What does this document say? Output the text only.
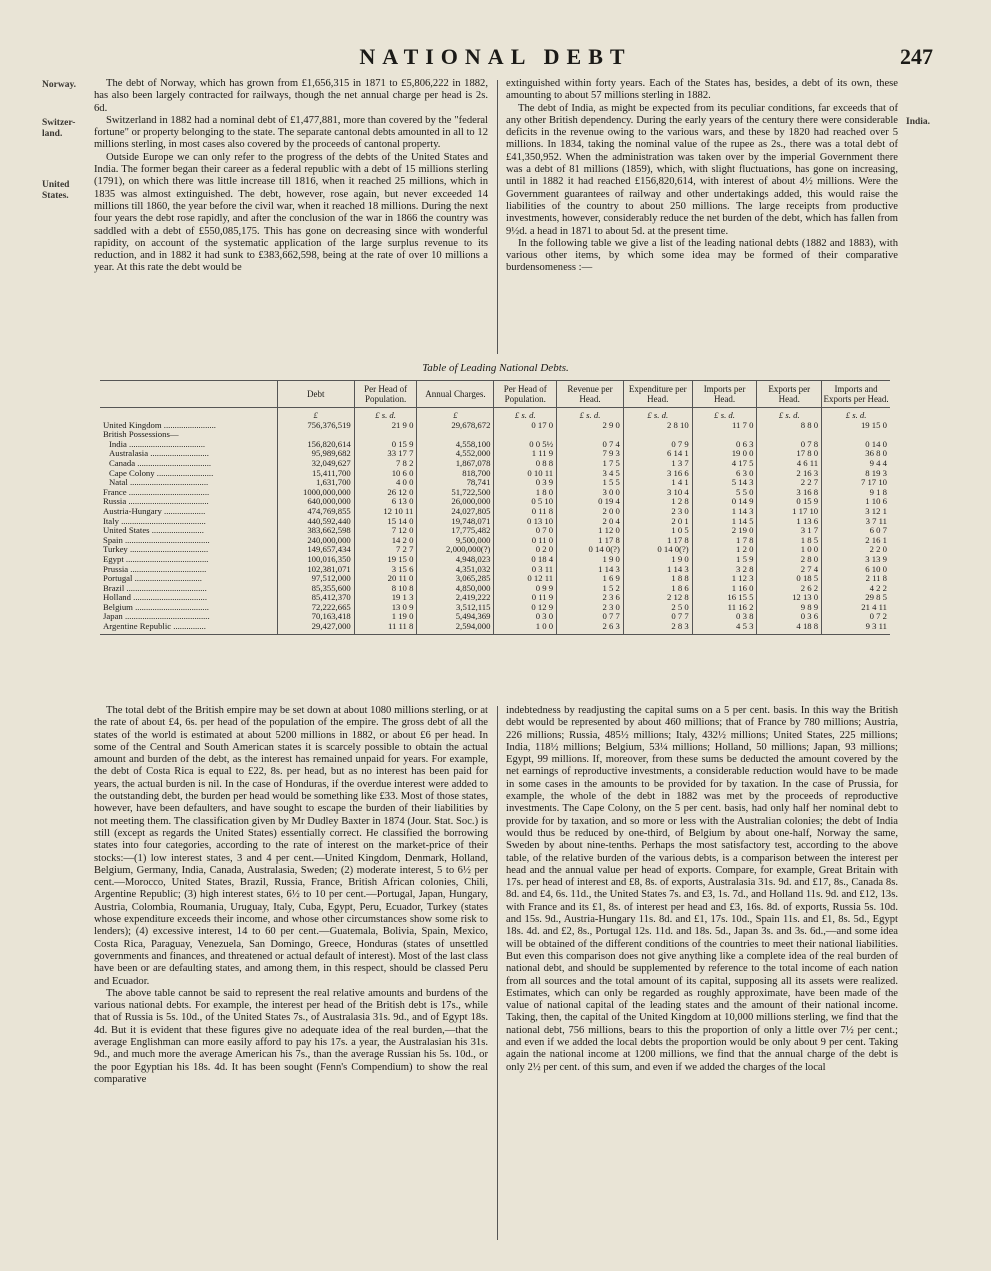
NATIONAL DEBT	247
Norway.
Switzer-land.
United States.

The debt of Norway, which has grown from £1,656,315 in 1871 to £5,806,222 in 1882, has also been largely contracted for railways, though the net annual charge per head is 2s. 6d.

Switzerland in 1882 had a nominal debt of £1,477,881, more than covered by the "federal fortune" or property belonging to the state. The separate cantonal debts amounted in all to 12 millions sterling, in most cases also covered by the proceeds of cantonal property.

Outside Europe we can only refer to the progress of the debts of the United States and India. The former began their career as a federal republic with a debt of 15 millions sterling (1791), on which there was little increase till 1816, when it reached 25 millions, which in 1835 was almost extinguished. The debt, however, rose again, but never exceeded 14 millions till 1860, the year before the civil war, when it reached 18 millions. During the next four years the debt rose rapidly, and after the conclusion of the war in 1866 the country was saddled with a debt of £550,085,175. This has gone on decreasing since with wonderful rapidity, on account of the systematic application of the large surplus revenue to its reduction, and in 1882 it had sunk to £383,662,598, being at the rate of over 10 millions a year. At this rate the debt would be

extinguished within forty years. Each of the States has, besides, a debt of its own, these amounting to about 57 millions sterling in 1882.

The debt of India, as might be expected from its peculiar conditions, far exceeds that of any other British dependency. During the early years of the century there were considerable deficits in the revenue owing to the various wars, and these by 1820 had reached over 5 millions. In 1834, taking the nominal value of the rupee as 2s., there was a total debt of £41,350,952. When the administration was taken over by the imperial Government there was a debt of 81 millions (1859), which, with slight fluctuations, has gone on increasing, until in 1882 it had reached £156,820,614, with interest of about 4½ millions. Were the Government guarantees of railway and other undertakings added, this would raise the liabilities of the country to about 250 millions. The large receipts from productive investments, however, considerably reduce the net burden of the debt, which has fallen from 9½d. a head in 1871 to about 5d. at the present time.

In the following table we give a list of the leading national debts (1882 and 1883), with various other items, by which some idea may be formed of their comparative burdensomeness :—

India.
Table of Leading National Debts.
	Debt	Per Head of Population.	Annual Charges.	Per Head of Population.	Revenue per Head.	Expenditure per Head.	Imports per Head.	Exports per Head.	Imports and Exports per Head.
	£	£ s. d.	£	£ s. d.	£ s. d.	£ s. d.	£ s. d.	£ s. d.	£ s. d.
United Kingdom ........................	756,376,519	21 9 0	29,678,672	0 17 0	2 9 0	2 8 10	11 7 0	8 8 0	19 15 0
British Possessions—									
India ...................................	156,820,614	0 15 9	4,558,100	0 0 5½	0 7 4	0 7 9	0 6 3	0 7 8	0 14 0
Australasia ...........................	95,989,682	33 17 7	4,552,000	1 11 9	7 9 3	6 14 1	19 0 0	17 8 0	36 8 0
Canada ..................................	32,049,627	7 8 2	1,867,078	0 8 8	1 7 5	1 3 7	4 17 5	4 6 11	9 4 4
Cape Colony ..........................	15,411,700	10 6 0	818,700	0 10 11	3 4 5	3 16 6	6 3 0	2 16 3	8 19 3
Natal ....................................	1,631,700	4 0 0	78,741	0 3 9	1 5 5	1 4 1	5 14 3	2 2 7	7 17 10
France .....................................	1000,000,000	26 12 0	51,722,500	1 8 0	3 0 0	3 10 4	5 5 0	3 16 8	9 1 8
Russia .....................................	640,000,000	6 13 0	26,000,000	0 5 10	0 19 4	1 2 8	0 14 9	0 15 9	1 10 6
Austria-Hungary ...................	474,769,855	12 10 11	24,027,805	0 11 8	2 0 0	2 3 0	1 14 3	1 17 10	3 12 1
Italy .......................................	440,592,440	15 14 0	19,748,071	0 13 10	2 0 4	2 0 1	1 14 5	1 13 6	3 7 11
United States ........................	383,662,598	7 12 0	17,775,482	0 7 0	1 12 0	1 0 5	2 19 0	3 1 7	6 0 7
Spain .......................................	240,000,000	14 2 0	9,500,000	0 11 0	1 17 8	1 17 8	1 7 8	1 8 5	2 16 1
Turkey ....................................	149,657,434	7 2 7	2,000,000(?)	0 2 0	0 14 0(?)	0 14 0(?)	1 2 0	1 0 0	2 2 0
Egypt ......................................	100,016,350	19 15 0	4,948,023	0 18 4	1 9 0	1 9 0	1 5 9	2 8 0	3 13 9
Prussia ...................................	102,381,071	3 15 6	4,351,032	0 3 11	1 14 3	1 14 3	3 2 8	2 7 4	6 10 0
Portugal ...............................	97,512,000	20 11 0	3,065,285	0 12 11	1 6 9	1 8 8	1 12 3	0 18 5	2 11 8
Brazil .....................................	85,355,600	8 10 8	4,850,000	0 9 9	1 5 2	1 8 6	1 16 0	2 6 2	4 2 2
Holland ..................................	85,412,370	19 1 3	2,419,222	0 11 9	2 3 6	2 12 8	16 15 5	12 13 0	29 8 5
Belgium ..................................	72,222,665	13 0 9	3,512,115	0 12 9	2 3 0	2 5 0	11 16 2	9 8 9	21 4 11
Japan .......................................	70,163,418	1 19 0	5,494,369	0 3 0	0 7 7	0 7 7	0 3 8	0 3 6	0 7 2
Argentine Republic ...............	29,427,000	11 11 8	2,594,000	1 0 0	2 6 3	2 8 3	4 5 3	4 18 8	9 3 11

The total debt of the British empire may be set down at about 1080 millions sterling, or at the rate of about £4, 6s. per head of the population of the empire. The gross debt of all the states of the world is estimated at about 5200 millions in 1882, or about £6 per head. In some of the Central and South American states it is scarcely possible to obtain the actual amount and burden of the debt, as the interest has remained unpaid for years. For example, the debt of Costa Rica is equal to £22, 8s. per head, but as no interest has been paid for years, the actual burden is nil. In the case of Honduras, if the overdue interest were added to the outstanding debt, the burden per head would be something like £33. Most of those states, however, have been defaulters, and have sought to escape the burden of their liabilities by not meeting them. The classification given by Mr Dudley Baxter in 1874 (Jour. Stat. Soc.) is still (except as regards the United States) essentially correct. He classified the borrowing states into four categories, according to the rate of interest on the market-price of their stocks:—(1) low interest states, 3 and 4 per cent.—United Kingdom, Denmark, Holland, Belgium, Germany, India, Canada, Australasia, Sweden; (2) moderate interest, 5 to 6½ per cent.—Morocco, United States, Brazil, Russia, France, British African colonies, Chili, Argentine Republic; (3) high interest states, 6½ to 10 per cent.—Portugal, Japan, Hungary, Austria, Colombia, Roumania, Uruguay, Italy, Cuba, Egypt, Peru, Ecuador, Turkey (states whose expenditure exceeds their income, and whose other circumstances show some risk to lenders); (4) excessive interest, 14 to 60 per cent.—Guatemala, Bolivia, Spain, Mexico, Costa Rica, Paraguay, Venezuela, San Domingo, Greece, Honduras (states of unsettled governments and finances, and threatened or actual default of interest). Most of the last class have been or are defaulting states, and among them, in this respect, should be classed Peru and Ecuador.

The above table cannot be said to represent the real relative amounts and burdens of the various national debts. For example, the interest per head of the British debt is 17s., while that of Russia is 5s. 10d., of the United States 7s., of Australasia 31s. 9d., and of Egypt 18s. 4d. But it is evident that these figures give no adequate idea of the real burden,—that the average Englishman can more easily afford to pay his 17s. a year, the Australasian his 31s. 9d., and much more the average American his 7s., than the average Russian his 5s. 10d., or the poor Egyptian his 18s. 4d. It has been sought (Fenn's Compendium) to show the real comparative

indebtedness by readjusting the capital sums on a 5 per cent. basis. In this way the British debt would be represented by about 460 millions; that of France by 780 millions; Austria, 226 millions; Russia, 485½ millions; Italy, 432½ millions; United States, 225 millions; India, 118½ millions; Belgium, 53¼ millions; Holland, 50 millions; Japan, 93 millions; Egypt, 99 millions. If, moreover, from these sums be deducted the amount covered by the net earnings of reproductive investments, a considerable reduction would have to be made in some cases in the amounts to be provided for by taxation. In the case of Prussia, for example, the whole of the debt in 1882 was met by the proceeds of reproductive investments. The Cape Colony, on the 5 per cent. basis, had only half her nominal debt to provide for by taxation, and so more or less with the Australian colonies; the debt of India would thus be reduced by one-third, of Belgium by about one-half, Norway the same, Sweden by about nine-tenths. Perhaps the most satisfactory test, according to the above table, of the relative burden of the various debts, is a comparison between the interest per head and the annual value per head of exports. Compare, for example, Great Britain with 17s. per head of interest and £8, 8s. of exports, Australasia 31s. 9d. and £17, 8s., Canada 8s. 8d. and £4, 6s. 11d., the United States 7s. and £3, 1s. 7d., and Holland 11s. 9d. and £12, 13s. with France and its £1, 8s. of interest per head and £3, 16s. 8d. of exports, Russia 5s. 10d. and 15s. 9d., Austria-Hungary 11s. 8d. and £1, 17s. 10d., Spain 11s. and £1, 8s. 5d., Egypt 18s. 4d. and £2, 8s., Portugal 12s. 11d. and 18s. 5d., Japan 3s. and 3s. 6d.,—and some idea will be obtained of the different conditions of the countries to meet their national liabilities. But even this comparison does not give anything like a complete idea of the real burden of national debt, and should be supplemented by reference to the total income of each nation from all sources and the total amount of its capital, supposing all its assets were realized. Estimates, which can only be regarded as roughly approximate, have been made of the value of national capital of the leading states and the amount of their national income. Taking, then, the capital of the United Kingdom at 10,000 millions sterling, we find that the national debt, 756 millions, bears to this the proportion of only a little over 7½ per cent.; and even if we added the local debts the proportion would be only about 9 per cent. Taking again the national income at 1200 millions, we find that the annual charge of the debt is only 2½ per cent. of this sum, and even if we added the charges of the local
